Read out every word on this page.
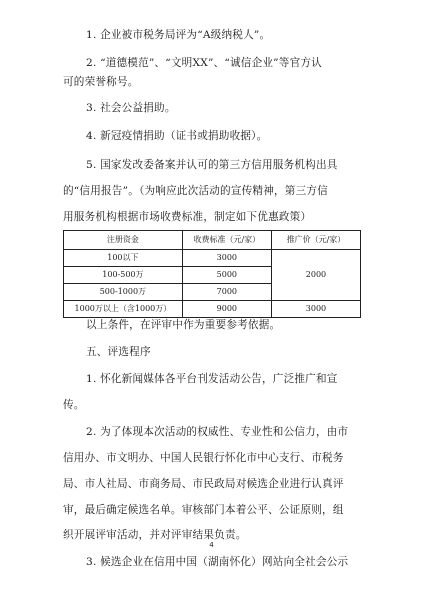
1. 企业被市税务局评为“A级纳税人”。
2. “道德模范”、“文明XX”、“诚信企业”等官方认
可的荣誉称号。
3. 社会公益捐助。
4. 新冠疫情捐助（证书或捐助收据）。
5. 国家发改委备案并认可的第三方信用服务机构出具
的“信用报告”。（为响应此次活动的宣传精神，第三方信
用服务机构根据市场收费标准，制定如下优惠政策）
注册资金	收费标准（元/家）	推广价（元/家）
100以下	3000	2000
100-500万	5000	
500-1000万	7000	
1000万以上（含1000万）	9000	3000
以上条件，在评审中作为重要参考依据。
五、评选程序
1. 怀化新闻媒体各平台刊发活动公告，广泛推广和宣
传。
2. 为了体现本次活动的权威性、专业性和公信力，由市
信用办、市文明办、中国人民银行怀化市中心支行、市税务
局、市人社局、市商务局、市民政局对候选企业进行认真评
审，最后确定候选名单。审核部门本着公平、公证原则，组
织开展评审活动，并对评审结果负责。
3. 候选企业在信用中国（湖南怀化）网站向全社会公示
4
